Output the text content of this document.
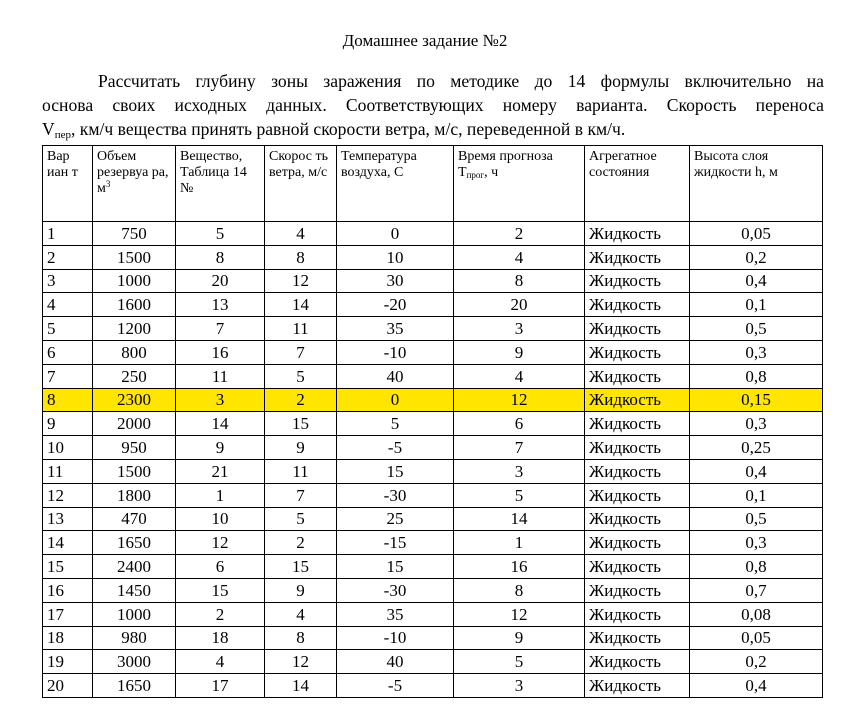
Домашнее задание №2
Рассчитать глубину зоны заражения по методике до 14 формулы включительно на
основа своих исходных данных. Соответствующих номеру варианта. Скорость переноса
$V_{пер}$, км/ч вещества принять равной скорости ветра, м/с, переведенной в км/ч.
Вар иан т	Объем резервуа ра, $м^3$	Вещество, Таблица 14 №	Скорос ть ветра, м/с	Температура воздуха, С	Время прогноза $T_{прог}$, ч	Агрегатное состояния	Высота слоя жидкости h, м
1	750	5	4	0	2	Жидкость	0,05
2	1500	8	8	10	4	Жидкость	0,2
3	1000	20	12	30	8	Жидкость	0,4
4	1600	13	14	-20	20	Жидкость	0,1
5	1200	7	11	35	3	Жидкость	0,5
6	800	16	7	-10	9	Жидкость	0,3
7	250	11	5	40	4	Жидкость	0,8
8	2300	3	2	0	12	Жидкость	0,15
9	2000	14	15	5	6	Жидкость	0,3
10	950	9	9	-5	7	Жидкость	0,25
11	1500	21	11	15	3	Жидкость	0,4
12	1800	1	7	-30	5	Жидкость	0,1
13	470	10	5	25	14	Жидкость	0,5
14	1650	12	2	-15	1	Жидкость	0,3
15	2400	6	15	15	16	Жидкость	0,8
16	1450	15	9	-30	8	Жидкость	0,7
17	1000	2	4	35	12	Жидкость	0,08
18	980	18	8	-10	9	Жидкость	0,05
19	3000	4	12	40	5	Жидкость	0,2
20	1650	17	14	-5	3	Жидкость	0,4
